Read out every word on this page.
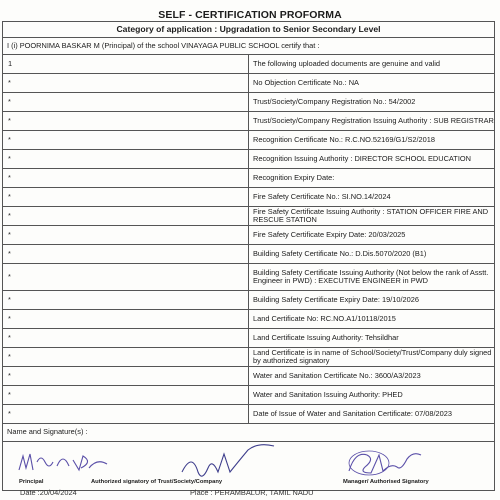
SELF - CERTIFICATION PROFORMA
Category of application : Upgradation to Senior Secondary Level	
I (i) POORNIMA BASKAR M (Principal) of the school VINAYAGA PUBLIC SCHOOL certify that :	
1	The following uploaded documents are genuine and valid
*	No Objection Certificate No.: NA
*	Trust/Society/Company Registration No.: 54/2002
*	Trust/Society/Company Registration Issuing Authority : SUB REGISTRAR
*	Recognition Certificate No.: R.C.NO.52169/G1/S2/2018
*	Recognition Issuing Authority : DIRECTOR SCHOOL EDUCATION
*	Recognition Expiry Date:
*	Fire Safety Certificate No.: SI.NO.14/2024
*	Fire Safety Certificate Issuing Authority : STATION OFFICER FIRE AND RESCUE STATION
*	Fire Safety Certificate Expiry Date: 20/03/2025
*	Building Safety Certificate No.: D.Dis.5070/2020 (B1)
*	Building Safety Certificate Issuing Authority (Not below the rank of Asstt. Engineer in PWD) : EXECUTIVE ENGINEER in PWD
*	Building Safety Certificate Expiry Date: 19/10/2026
*	Land Certificate No: RC.NO.A1/10118/2015
*	Land Certificate Issuing Authority: Tehsildhar
*	Land Certificate is in name of School/Society/Trust/Company duly signed by authorized signatory
*	Water and Sanitation Certificate No.: 3600/A3/2023
*	Water and Sanitation Issuing Authority: PHED
*	Date of Issue of Water and Sanitation Certificate: 07/08/2023
Name and Signature(s) :	

Principal Authorized signatory of Trust/Society/Company Manager/ Authorised Signatory	
Date :20/04/2024	Place : PERAMBALUR, TAMIL NADU
